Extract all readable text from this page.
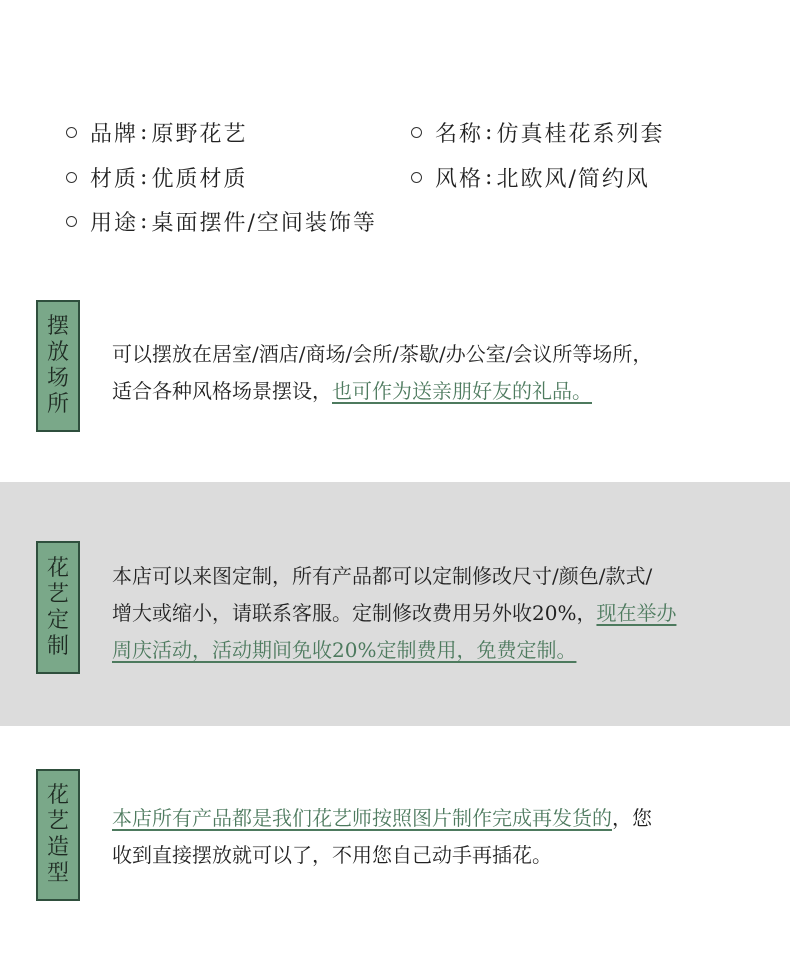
品牌 : 原野花艺	名称 : 仿真桂花系列套
材质 : 优质材质	风格 : 北欧风/简约风
用途 : 桌面摆件/空间装饰等
摆
放
场
所
可以摆放在居室/酒店/商场/会所/茶歇/办公室/会议所等场所，
适合各种风格场景摆设，也可作为送亲朋好友的礼品。
花
艺
定
制
本店可以来图定制，所有产品都可以定制修改尺寸/颜色/款式/
增大或缩小，请联系客服。定制修改费用另外收20%，现在举办
周庆活动，活动期间免收20%定制费用，免费定制。
花
艺
造
型
本店所有产品都是我们花艺师按照图片制作完成再发货的，您
收到直接摆放就可以了，不用您自己动手再插花。
